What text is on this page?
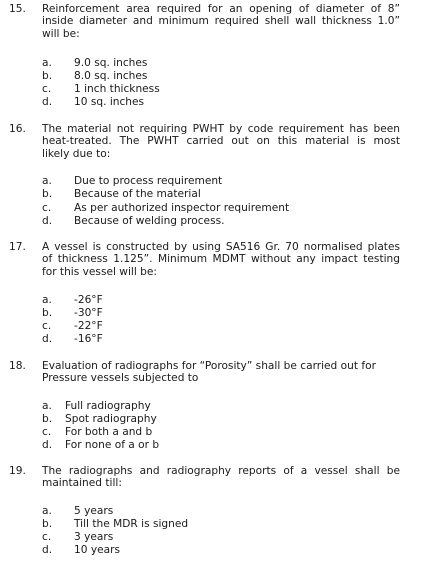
15.	Reinforcement area required for an opening of diameter of 8”
inside diameter and minimum required shell wall thickness 1.0”
will be:
a. 9.0 sq. inches
b. 8.0 sq. inches
c. 1 inch thickness
d. 10 sq. inches
16.	The material not requiring PWHT by code requirement has been
heat-treated. The PWHT carried out on this material is most
likely due to:
a. Due to process requirement
b. Because of the material
c. As per authorized inspector requirement
d. Because of welding process.
17.	A vessel is constructed by using SA516 Gr. 70 normalised plates
of thickness 1.125”. Minimum MDMT without any impact testing
for this vessel will be:
a. -26°F
b. -30°F
c. -22°F
d. -16°F
18.	Evaluation of radiographs for “Porosity” shall be carried out for
Pressure vessels subjected to
a. Full radiography
b. Spot radiography
c. For both a and b
d. For none of a or b
19.	The radiographs and radiography reports of a vessel shall be
maintained till:
a. 5 years
b. Till the MDR is signed
c. 3 years
d. 10 years
